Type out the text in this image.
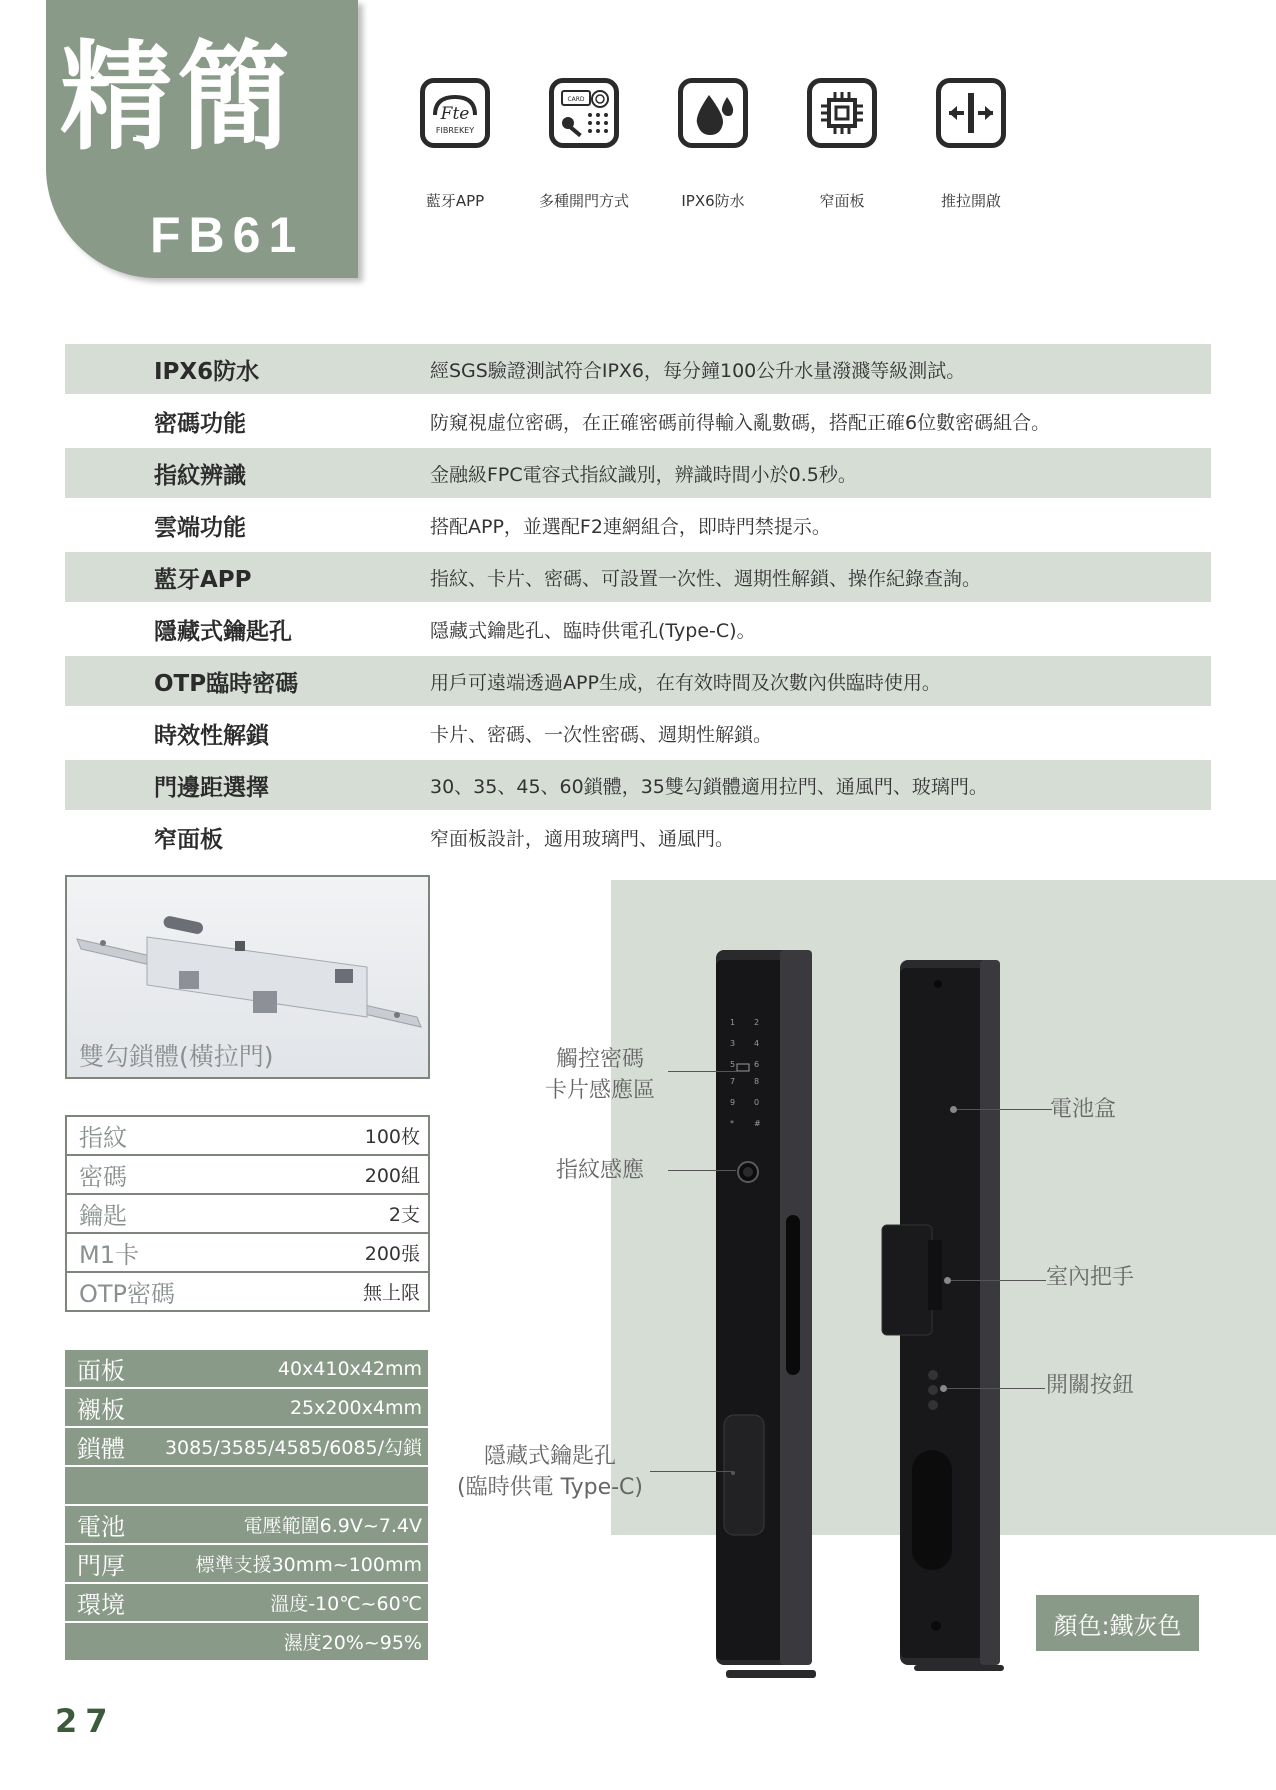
精簡
FB61
Fte
FIBREKEY
CARD
藍牙APP	多種開門方式	IPX6防水	窄面板	推拉開啟
IPX6防水	經SGS驗證測試符合IPX6，每分鐘100公升水量潑濺等級測試。
密碼功能	防窺視虛位密碼，在正確密碼前得輸入亂數碼，搭配正確6位數密碼組合。
指紋辨識	金融級FPC電容式指紋識別，辨識時間小於0.5秒。
雲端功能	搭配APP，並選配F2連網組合，即時門禁提示。
藍牙APP	指紋、卡片、密碼、可設置一次性、週期性解鎖、操作紀錄查詢。
隱藏式鑰匙孔	隱藏式鑰匙孔、臨時供電孔(Type-C)。
OTP臨時密碼	用戶可遠端透過APP生成，在有效時間及次數內供臨時使用。
時效性解鎖	卡片、密碼、一次性密碼、週期性解鎖。
門邊距選擇	30、35、45、60鎖體，35雙勾鎖體適用拉門、通風門、玻璃門。
窄面板	窄面板設計，適用玻璃門、通風門。
雙勾鎖體(橫拉門)
指紋	100枚
密碼	200組
鑰匙	2支
M1卡	200張
OTP密碼	無上限
面板	40x410x42mm
襯板	25x200x4mm
鎖體 3085/3585/4585/6085/勾鎖
電池	電壓範圍6.9V~7.4V
門厚	標準支援30mm~100mm
環境	溫度-10℃~60℃
濕度20%~95%
1 2
3 4
5 6
7 8
9 0
*	#
觸控密碼
卡片感應區
指紋感應
隱藏式鑰匙孔
(臨時供電 Type-C)
電池盒
室內把手
開關按鈕
顏色:鐵灰色
27
